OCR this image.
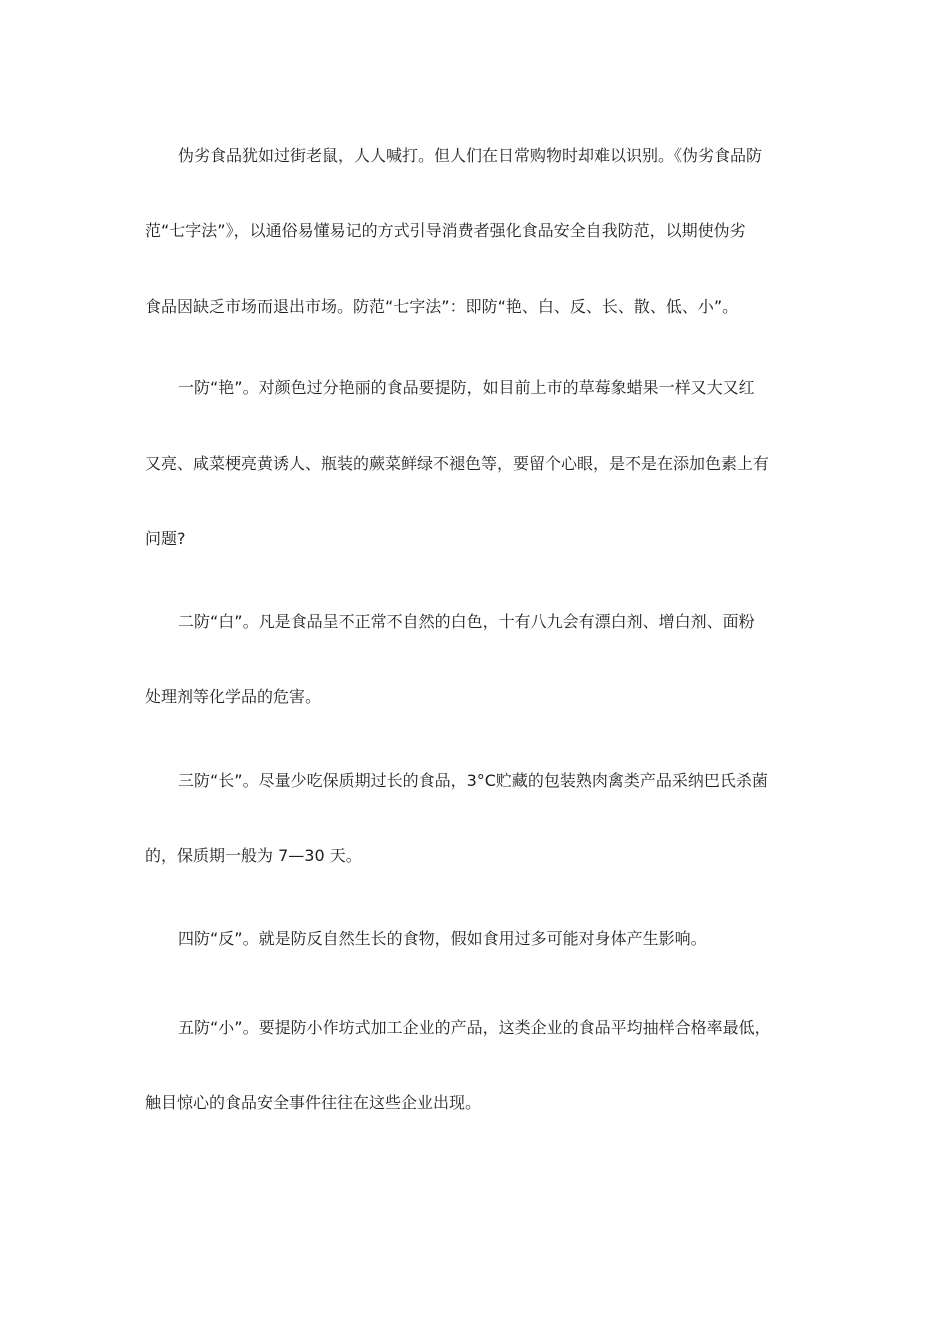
伪劣食品犹如过街老鼠，人人喊打。但人们在日常购物时却难以识别。《伪劣食品防
范“七字法”》，以通俗易懂易记的方式引导消费者强化食品安全自我防范，以期使伪劣
食品因缺乏市场而退出市场。防范“七字法”：即防“艳、白、反、长、散、低、小”。
一防“艳”。对颜色过分艳丽的食品要提防，如目前上市的草莓象蜡果一样又大又红
又亮、咸菜梗亮黄诱人、瓶装的蕨菜鲜绿不褪色等，要留个心眼，是不是在添加色素上有
问题?
二防“白”。凡是食品呈不正常不自然的白色，十有八九会有漂白剂、增白剂、面粉
处理剂等化学品的危害。
三防“长”。尽量少吃保质期过长的食品，3°C贮藏的包装熟肉禽类产品采纳巴氏杀菌
的，保质期一般为 7—30 天。
四防“反”。就是防反自然生长的食物，假如食用过多可能对身体产生影响。
五防“小”。要提防小作坊式加工企业的产品，这类企业的食品平均抽样合格率最低，
触目惊心的食品安全事件往往在这些企业出现。
